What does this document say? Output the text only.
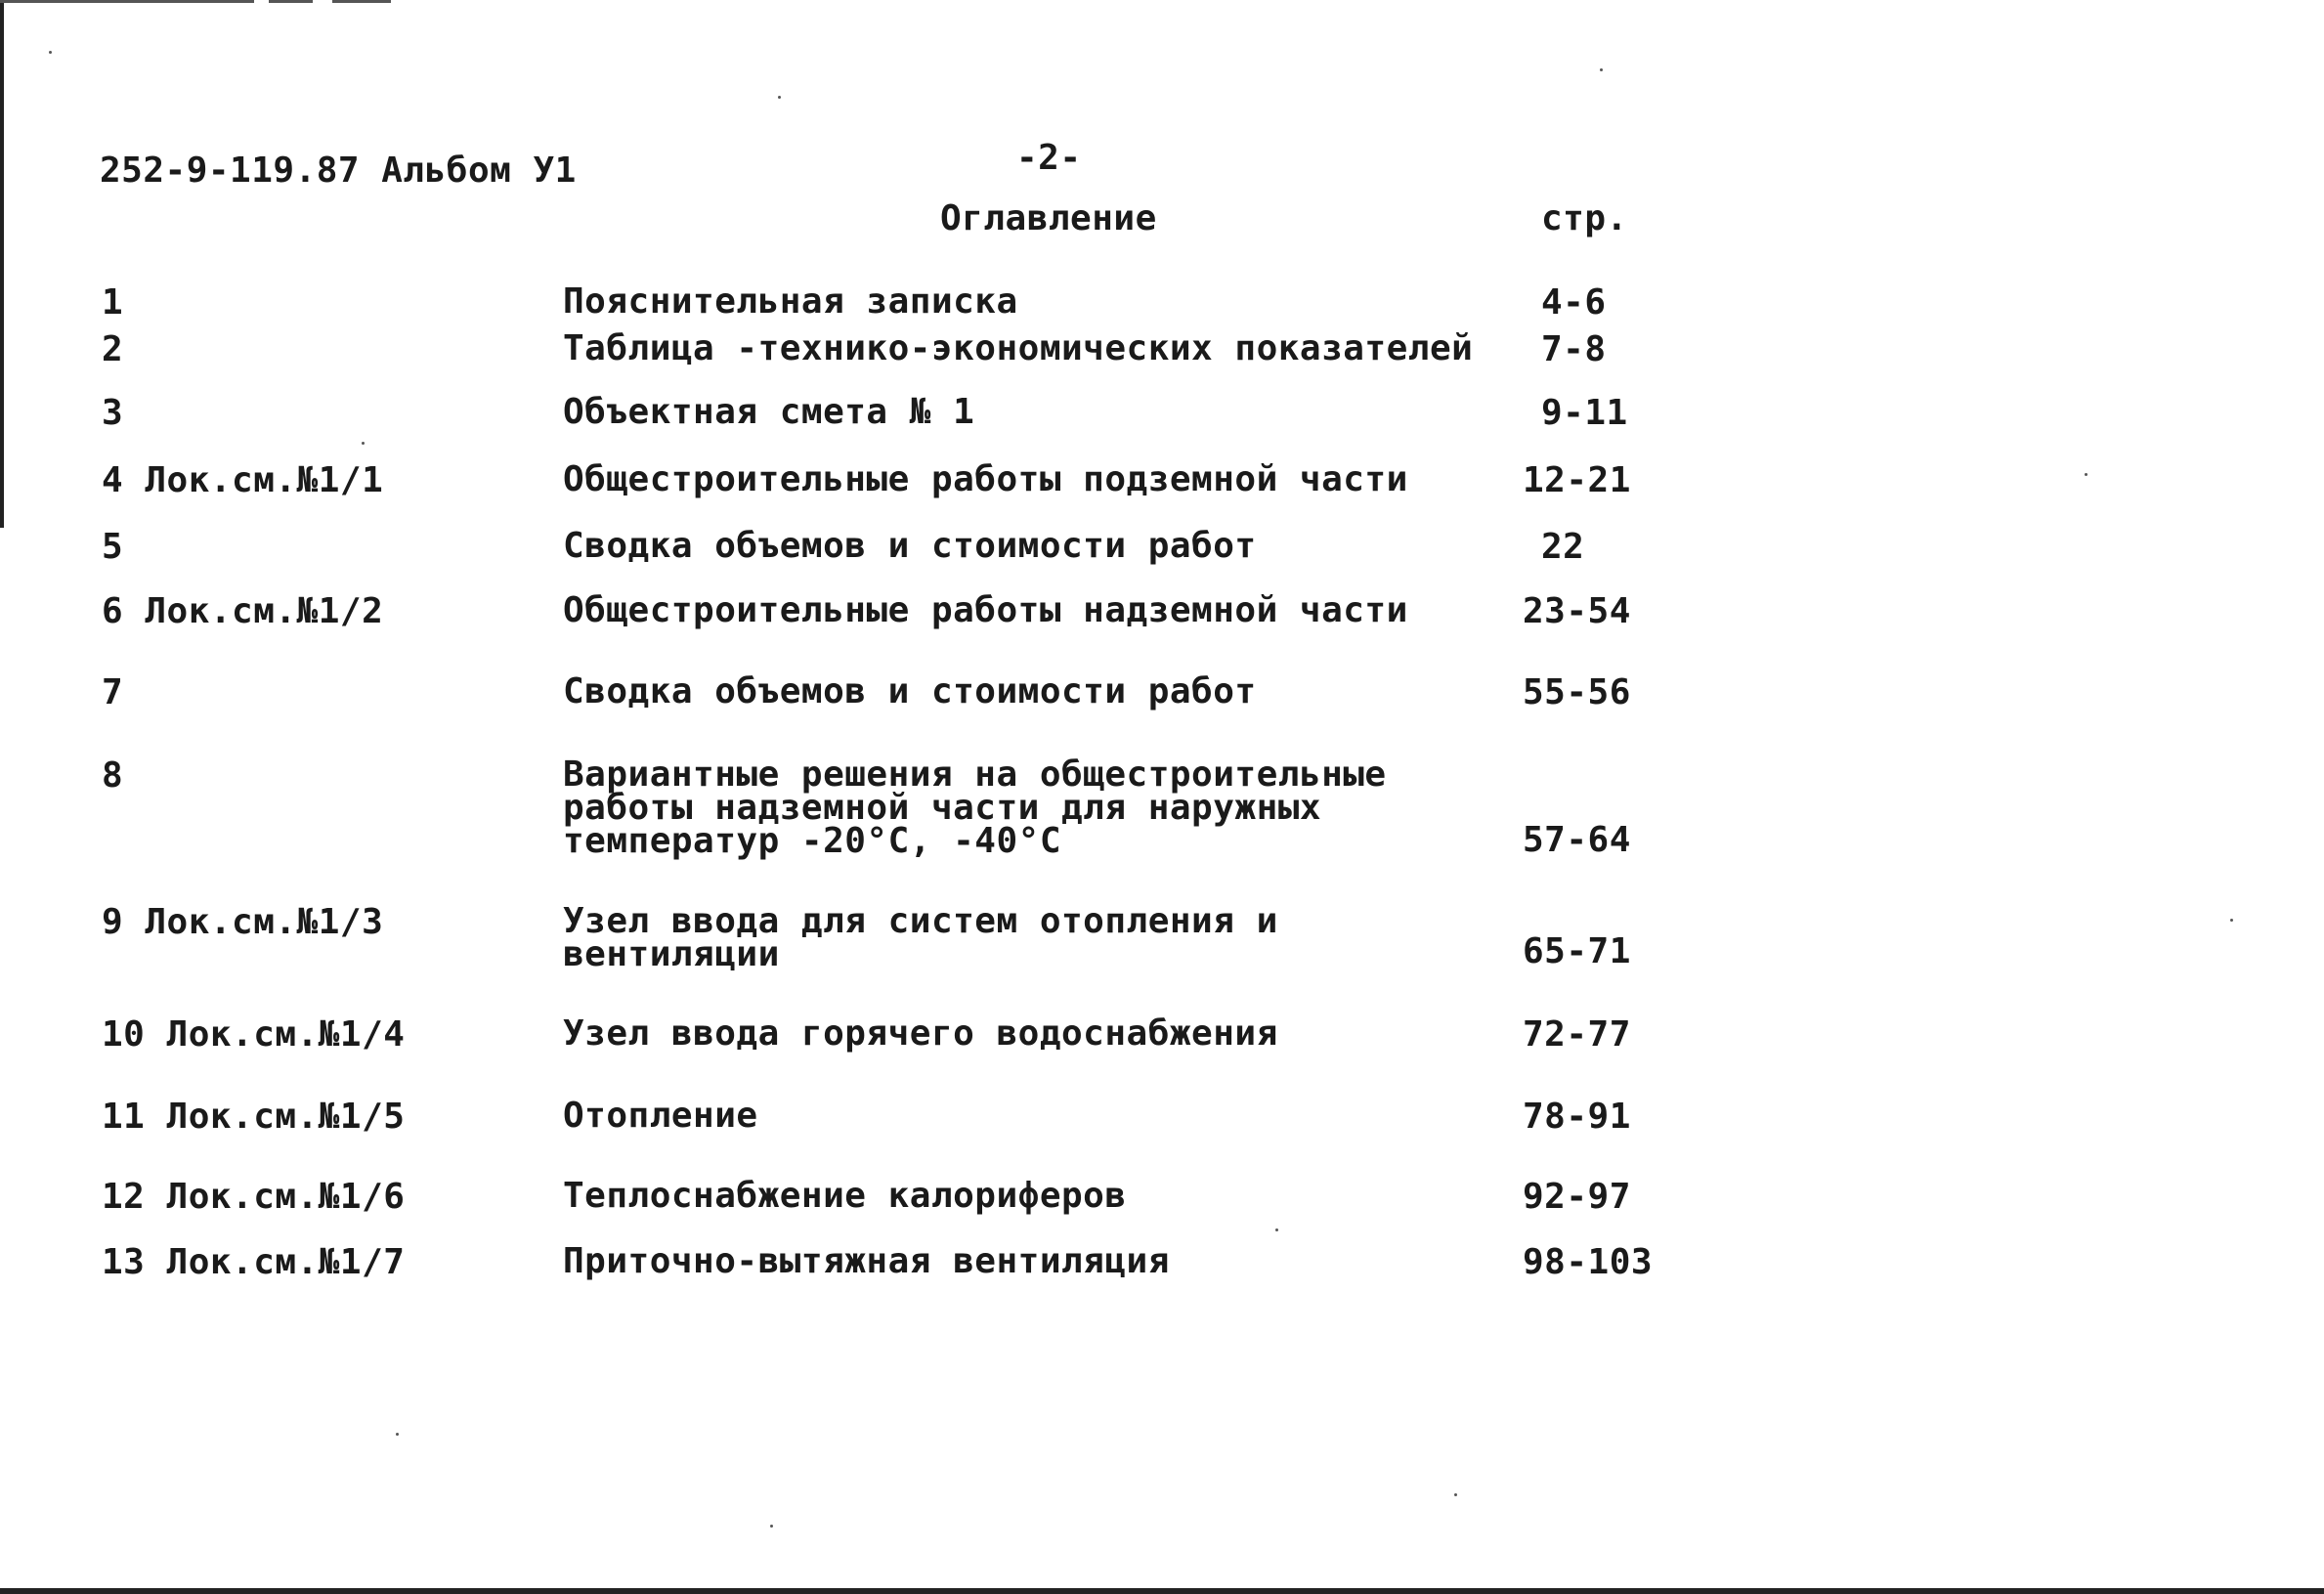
252-9-119.87 Альбом У1	-2-
Оглавление	стр.
1	Пояснительная записка	4-6
2	Таблица -технико-экономических показателей 7-8
3	Объектная смета № 1	9-11
4 Лок.см.№1/1	Общестроительные работы подземной части	12-21
5	Сводка объемов и стоимости работ	22
6 Лок.см.№1/2	Общестроительные работы надземной части	23-54
7	Сводка объемов и стоимости работ	55-56
8	Вариантные решения на общестроительные
работы надземной части для наружных
температур -20°С, -40°С	57-64
9 Лок.см.№1/3	Узел ввода для систем отопления и
вентиляции	65-71
10 Лок.см.№1/4	Узел ввода горячего водоснабжения	72-77
11 Лок.см.№1/5	Отопление	78-91
12 Лок.см.№1/6	Теплоснабжение калориферов	92-97
13 Лок.см.№1/7	Приточно-вытяжная вентиляция	98-103
